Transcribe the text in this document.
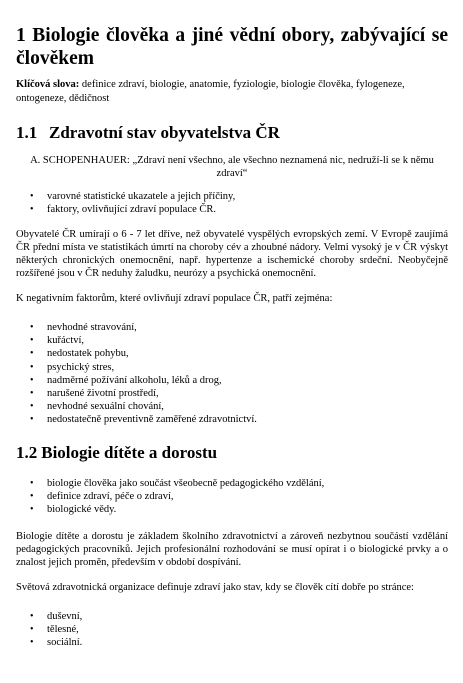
1 Biologie člověka a jiné vědní obory, zabývající se člověkem
Klíčová slova: definice zdraví, biologie, anatomie, fyziologie, biologie člověka, fylogeneze, ontogeneze, dědičnost
1.1 Zdravotní stav obyvatelstva ČR
A. SCHOPENHAUER: „Zdraví není všechno, ale všechno neznamená nic, nedruží-li se k němu zdraví“
• varovné statistické ukazatele a jejich příčiny,
• faktory, ovlivňující zdraví populace ČR.

Obyvatelé ČR umírají o 6 - 7 let dříve, než obyvatelé vyspělých evropských zemí. V Evropě zaujímá ČR přední místa ve statistikách úmrtí na choroby cév a zhoubné nádory. Velmi vysoký je v ČR výskyt některých chronických onemocnění, např. hypertenze a ischemické choroby srdeční. Neobyčejně rozšířené jsou v ČR neduhy žaludku, neurózy a psychická onemocnění.

K negativním faktorům, které ovlivňují zdraví populace ČR, patří zejména:

• nevhodné stravování,
• kuřáctví,
• nedostatek pohybu,
• psychický stres,
• nadměrné požívání alkoholu, léků a drog,
• narušené životní prostředí,
• nevhodné sexuální chování,
• nedostatečně preventivně zaměřené zdravotnictví.
1.2 Biologie dítěte a dorostu
• biologie člověka jako součást všeobecně pedagogického vzdělání,
• definice zdraví, péče o zdraví,
• biologické vědy.

Biologie dítěte a dorostu je základem školního zdravotnictví a zároveň nezbytnou součástí vzdělání pedagogických pracovníků. Jejich profesionální rozhodování se musí opírat i o biologické prvky a o znalost jejich proměn, především v období dospívání.

Světová zdravotnická organizace definuje zdraví jako stav, kdy se člověk cítí dobře po stránce:

• duševní,
• tělesné,
• sociální.
